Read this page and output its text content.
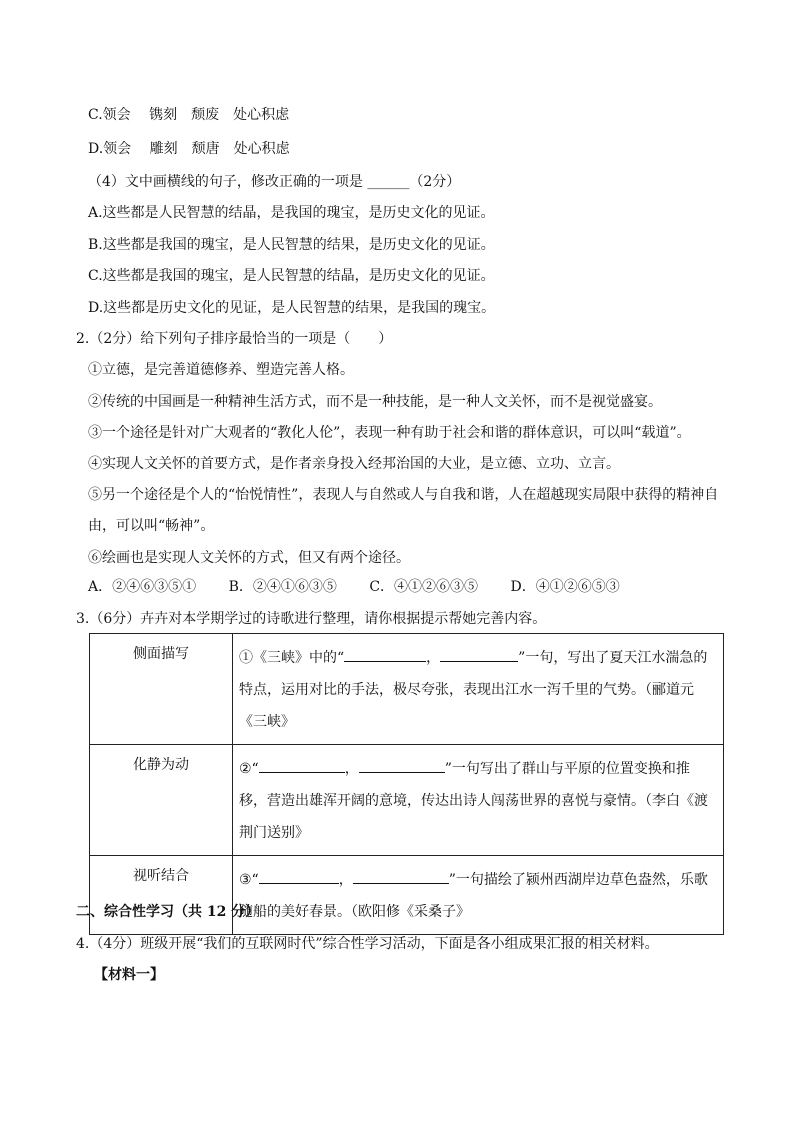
C.领会　 镌刻　颓废　处心积虑
D.领会　 雕刻　颓唐　处心积虑
（4）文中画横线的句子，修改正确的一项是 ______（2分）
A.这些都是人民智慧的结晶，是我国的瑰宝，是历史文化的见证。
B.这些都是我国的瑰宝，是人民智慧的结果，是历史文化的见证。
C.这些都是我国的瑰宝，是人民智慧的结晶，是历史文化的见证。
D.这些都是历史文化的见证，是人民智慧的结果，是我国的瑰宝。
2.（2分）给下列句子排序最恰当的一项是（　　）
①立德，是完善道德修养、塑造完善人格。
②传统的中国画是一种精神生活方式，而不是一种技能，是一种人文关怀，而不是视觉盛宴。
③一个途径是针对广大观者的“教化人伦”，表现一种有助于社会和谐的群体意识，可以叫“载道”。
④实现人文关怀的首要方式，是作者亲身投入经邦治国的大业，是立德、立功、立言。
⑤另一个途径是个人的“怡悦情性”，表现人与自然或人与自我和谐，人在超越现实局限中获得的精神自
由，可以叫“畅神”。
⑥绘画也是实现人文关怀的方式，但又有两个途径。
A．②④⑥③⑤① B．②④①⑥③⑤ C．④①②⑥③⑤ D．④①②⑥⑤③
3.（6分）卉卉对本学期学过的诗歌进行整理，请你根据提示帮她完善内容。
侧面描写	①《三峡》中的“ ， ”一句，写出了夏天江水湍急的特点，运用对比的手法，极尽夸张，表现出江水一泻千里的气势。（郦道元《三峡》
化静为动	②“ ， ”一句写出了群山与平原的位置变换和推移，营造出雄浑开阔的意境，传达出诗人闯荡世界的喜悦与豪情。（李白《渡荆门送别》
视听结合	③“ ， ”一句描绘了颍州西湖岸边草色盎然，乐歌随船的美好春景。（欧阳修《采桑子》
二、综合性学习（共 12 分）
4.（4分）班级开展“我们的互联网时代”综合性学习活动，下面是各小组成果汇报的相关材料。
【材料一】
